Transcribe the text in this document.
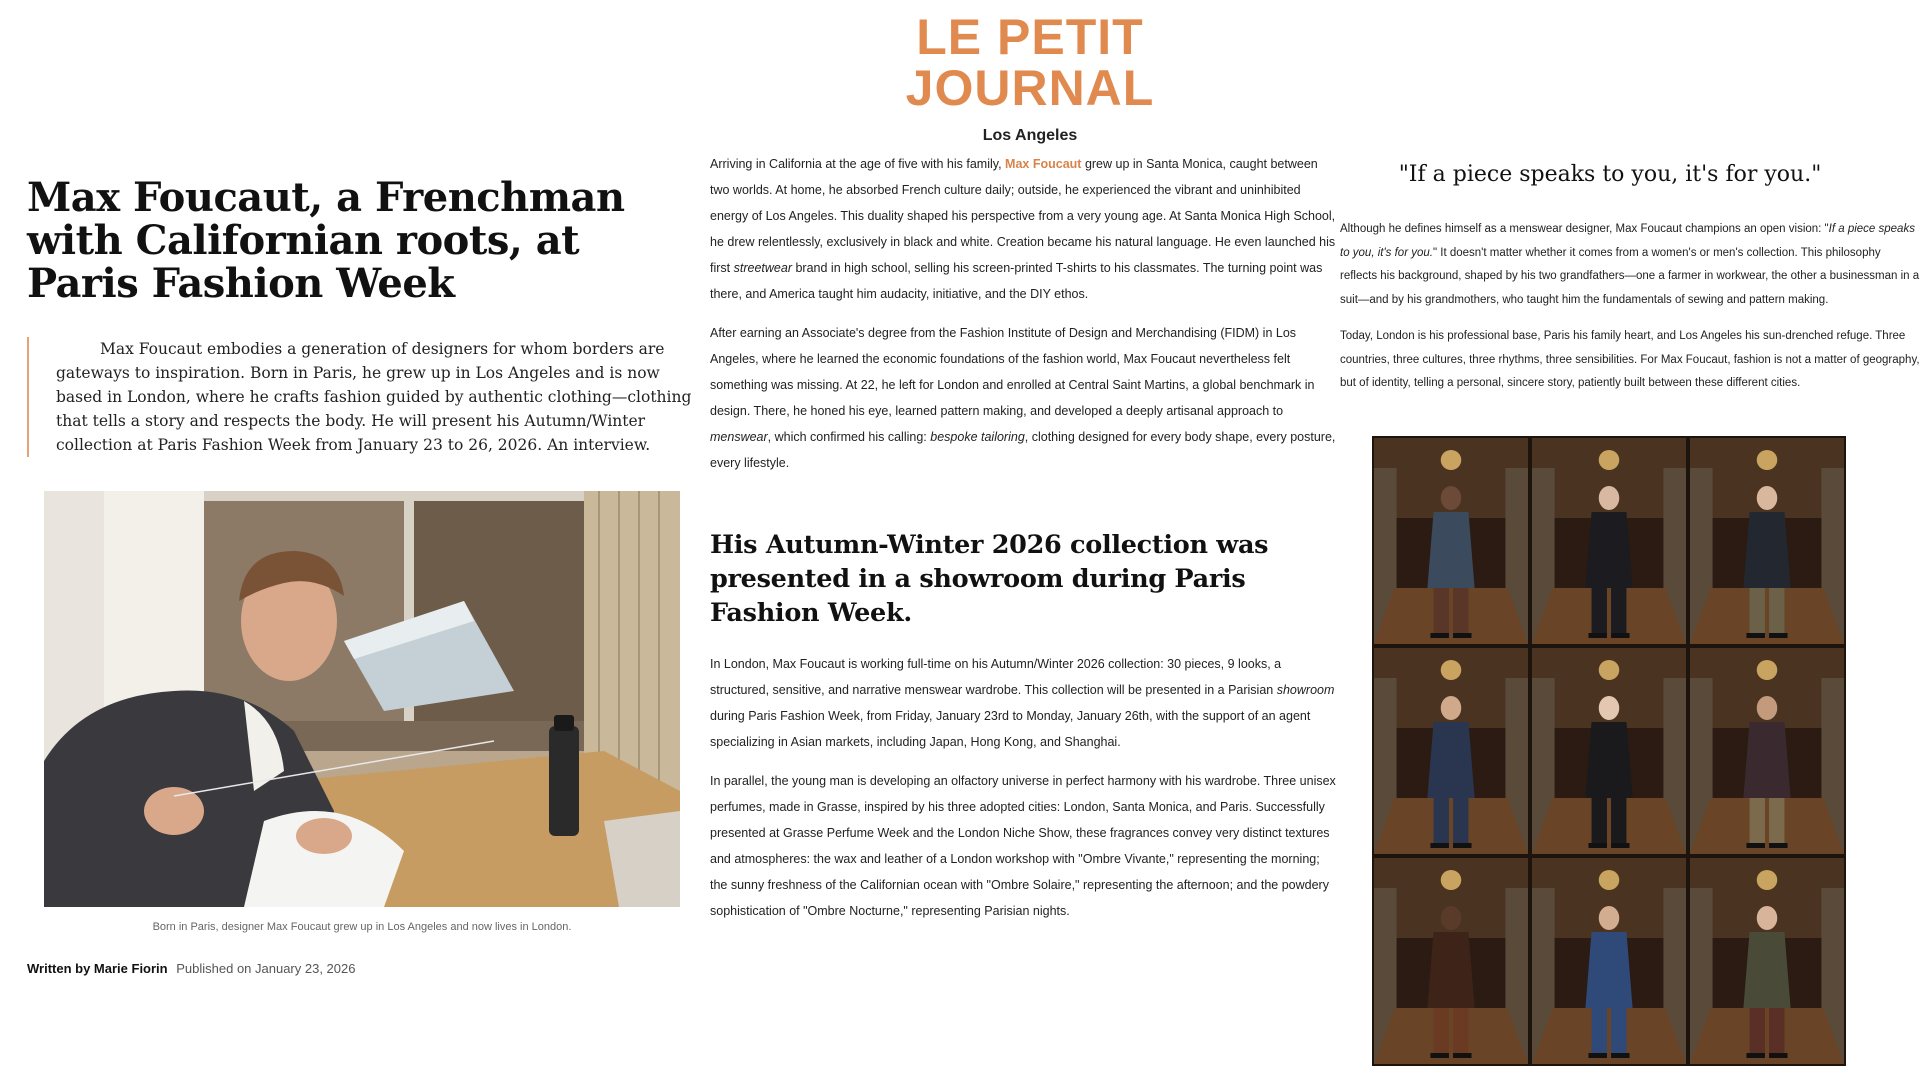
LE PETIT
JOURNAL
Los Angeles
Max Foucaut, a Frenchman with Californian roots, at Paris Fashion Week

Max Foucaut embodies a generation of designers for whom borders are gateways to inspiration. Born in Paris, he grew up in Los Angeles and is now based in London, where he crafts fashion guided by authentic clothing—clothing that tells a story and respects the body. He will present his Autumn/Winter collection at Paris Fashion Week from January 23 to 26, 2026. An interview.

Born in Paris, designer Max Foucaut grew up in Los Angeles and now lives in London.
Written by Marie Fiorin Published on January 23, 2026

Arriving in California at the age of five with his family, Max Foucaut grew up in Santa Monica, caught between two worlds. At home, he absorbed French culture daily; outside, he experienced the vibrant and uninhibited energy of Los Angeles. This duality shaped his perspective from a very young age. At Santa Monica High School, he drew relentlessly, exclusively in black and white. Creation became his natural language. He even launched his first streetwear brand in high school, selling his screen-printed T-shirts to his classmates. The turning point was there, and America taught him audacity, initiative, and the DIY ethos.

After earning an Associate's degree from the Fashion Institute of Design and Merchandising (FIDM) in Los Angeles, where he learned the economic foundations of the fashion world, Max Foucaut nevertheless felt something was missing. At 22, he left for London and enrolled at Central Saint Martins, a global benchmark in design. There, he honed his eye, learned pattern making, and developed a deeply artisanal approach to menswear, which confirmed his calling: bespoke tailoring, clothing designed for every body shape, every posture, every lifestyle.

His Autumn-Winter 2026 collection was presented in a showroom during Paris Fashion Week.

In London, Max Foucaut is working full-time on his Autumn/Winter 2026 collection: 30 pieces, 9 looks, a structured, sensitive, and narrative menswear wardrobe. This collection will be presented in a Parisian showroom during Paris Fashion Week, from Friday, January 23rd to Monday, January 26th, with the support of an agent specializing in Asian markets, including Japan, Hong Kong, and Shanghai.

In parallel, the young man is developing an olfactory universe in perfect harmony with his wardrobe. Three unisex perfumes, made in Grasse, inspired by his three adopted cities: London, Santa Monica, and Paris. Successfully presented at Grasse Perfume Week and the London Niche Show, these fragrances convey very distinct textures and atmospheres: the wax and leather of a London workshop with "Ombre Vivante," representing the morning; the sunny freshness of the Californian ocean with "Ombre Solaire," representing the afternoon; and the powdery sophistication of "Ombre Nocturne," representing Parisian nights.

"If a piece speaks to you, it's for you."
Although he defines himself as a menswear designer, Max Foucaut champions an open vision: "If a piece speaks to you, it's for you." It doesn't matter whether it comes from a women's or men's collection. This philosophy reflects his background, shaped by his two grandfathers—one a farmer in workwear, the other a businessman in a suit—and by his grandmothers, who taught him the fundamentals of sewing and pattern making.
Today, London is his professional base, Paris his family heart, and Los Angeles his sun-drenched refuge. Three countries, three cultures, three rhythms, three sensibilities. For Max Foucaut, fashion is not a matter of geography, but of identity, telling a personal, sincere story, patiently built between these different cities.
